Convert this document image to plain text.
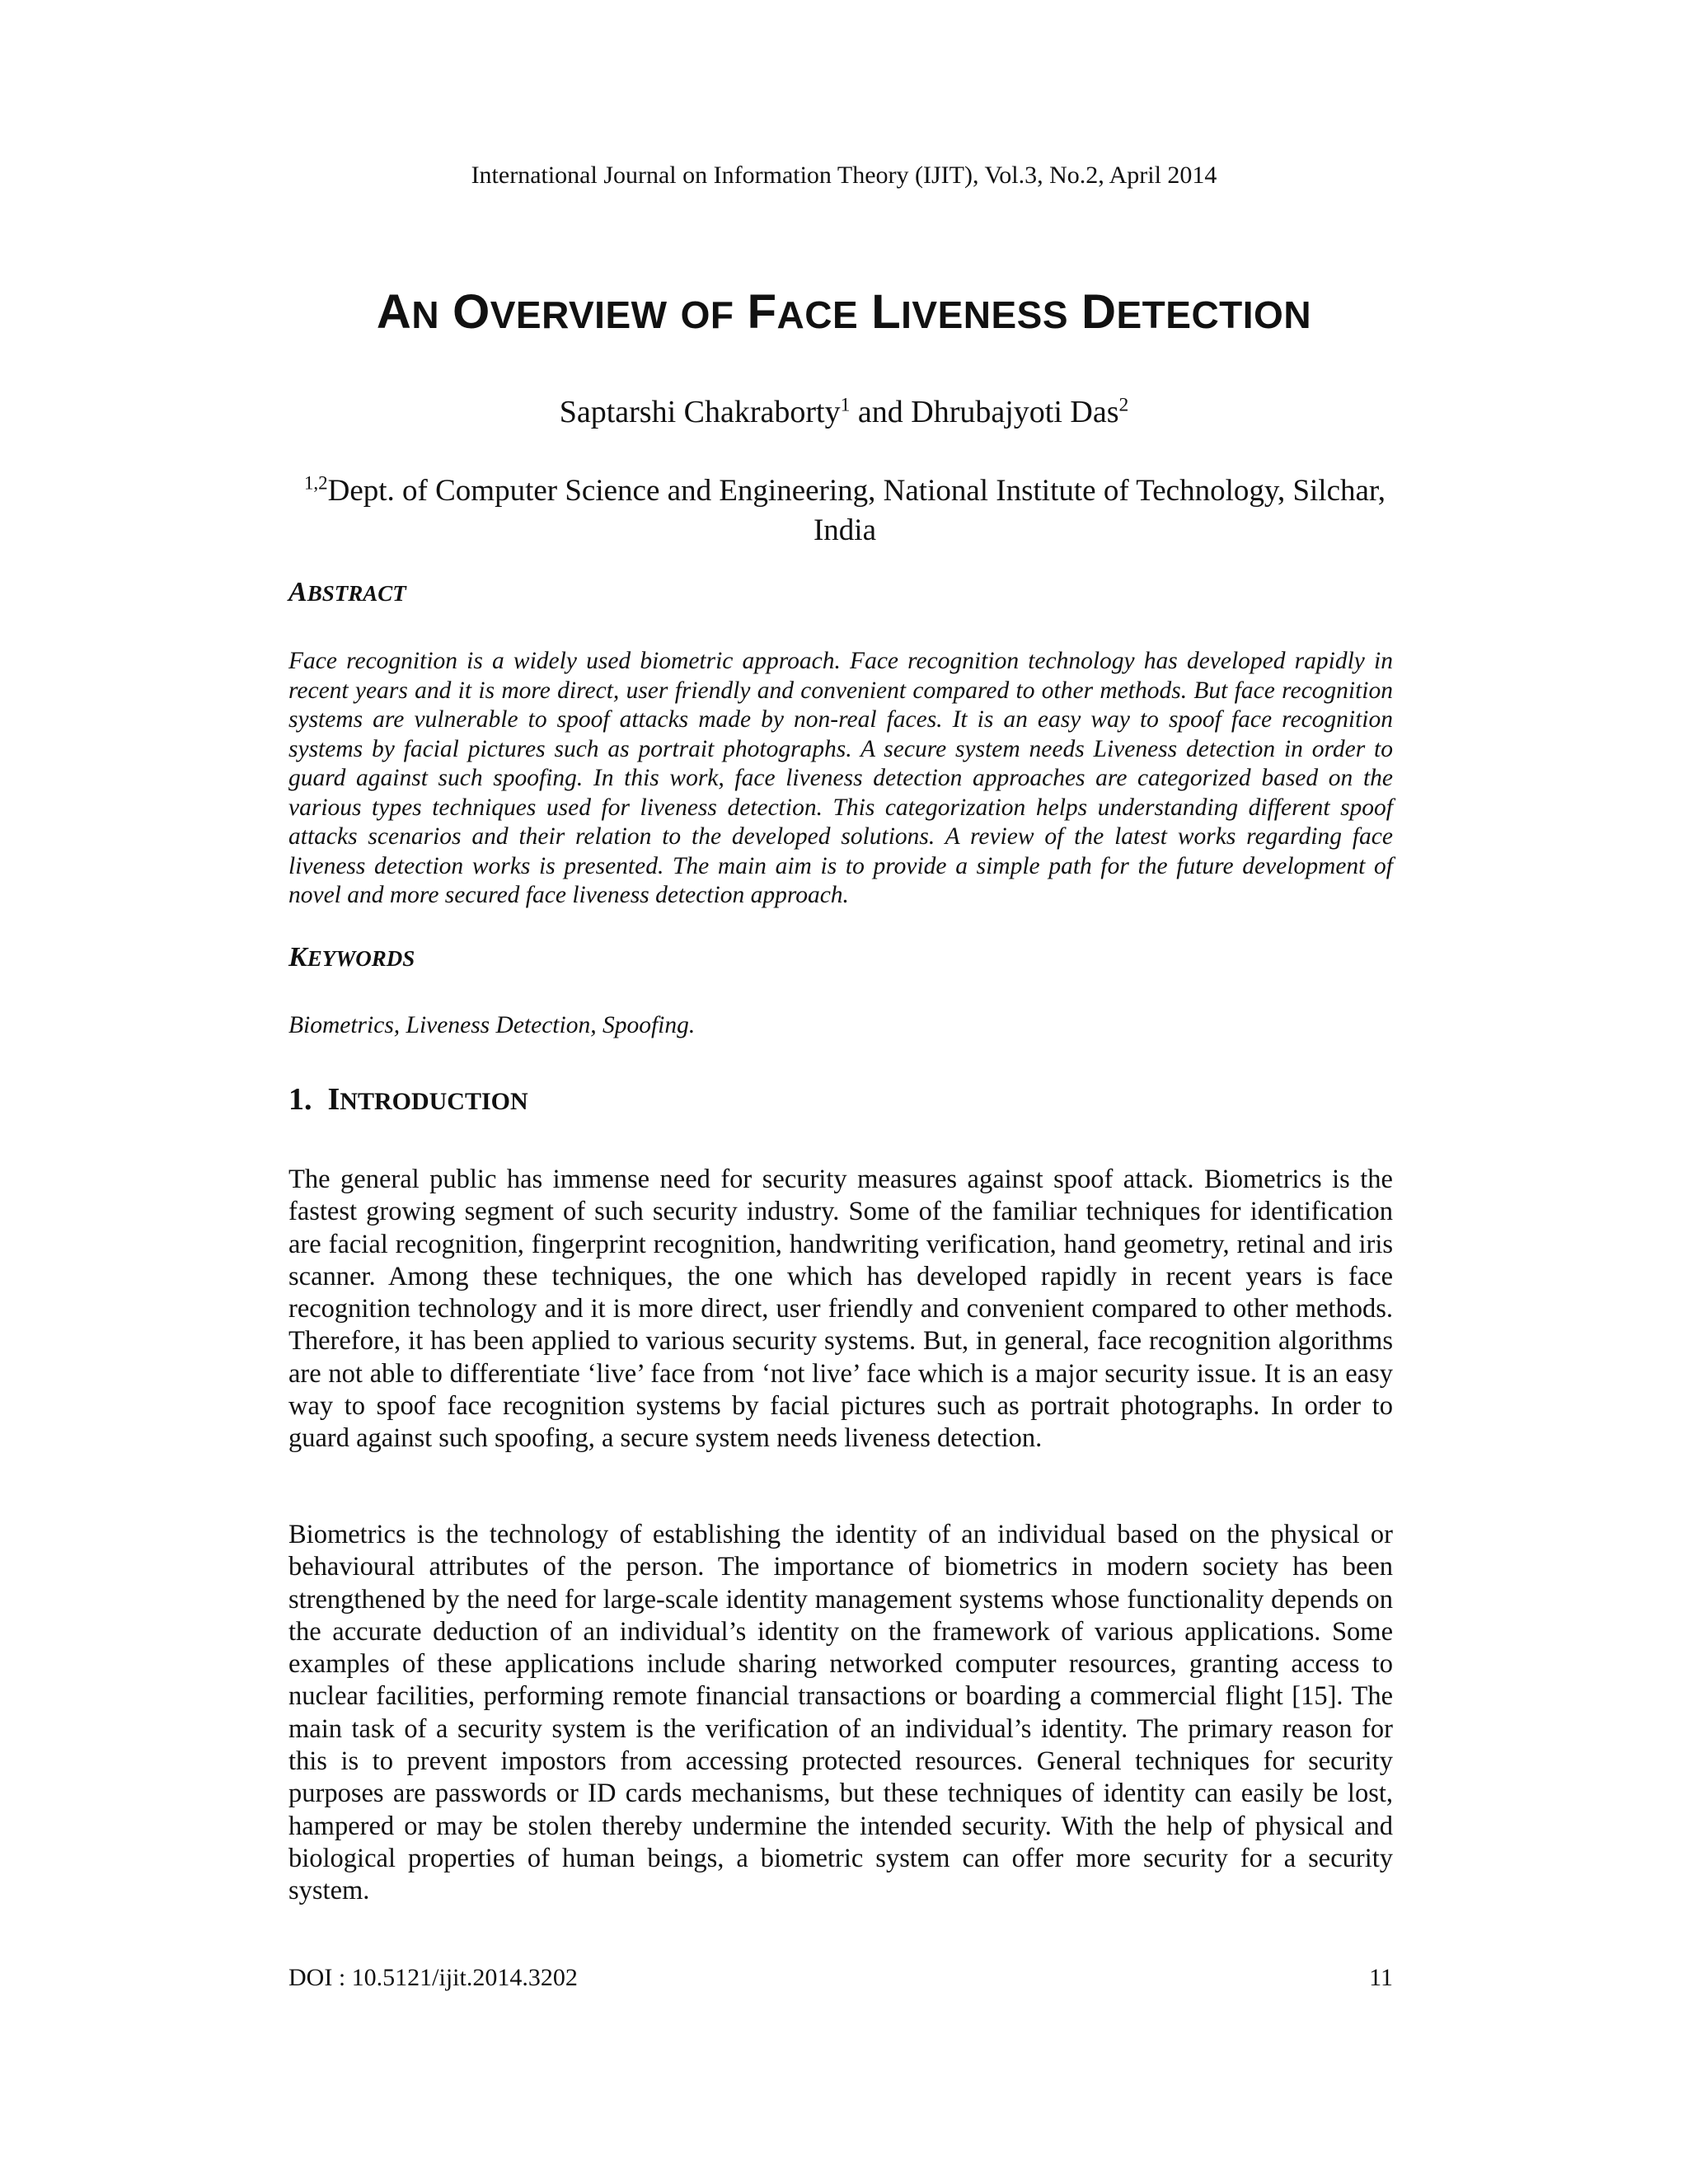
International Journal on Information Theory (IJIT), Vol.3, No.2, April 2014
AN OVERVIEW OF FACE LIVENESS DETECTION
Saptarshi Chakraborty$^1$ and Dhrubajyoti Das$^2$
$^{1,2}$Dept. of Computer Science and Engineering, National Institute of Technology, Silchar, India
ABSTRACT
Face recognition is a widely used biometric approach. Face recognition technology has developed rapidly in recent years and it is more direct, user friendly and convenient compared to other methods. But face recognition systems are vulnerable to spoof attacks made by non-real faces. It is an easy way to spoof face recognition systems by facial pictures such as portrait photographs. A secure system needs Liveness detection in order to guard against such spoofing. In this work, face liveness detection approaches are categorized based on the various types techniques used for liveness detection. This categorization helps understanding different spoof attacks scenarios and their relation to the developed solutions. A review of the latest works regarding face liveness detection works is presented. The main aim is to provide a simple path for the future development of novel and more secured face liveness detection approach.
KEYWORDS
Biometrics, Liveness Detection, Spoofing.
1. INTRODUCTION
The general public has immense need for security measures against spoof attack. Biometrics is the fastest growing segment of such security industry. Some of the familiar techniques for identification are facial recognition, fingerprint recognition, handwriting verification, hand geometry, retinal and iris scanner. Among these techniques, the one which has developed rapidly in recent years is face recognition technology and it is more direct, user friendly and convenient compared to other methods. Therefore, it has been applied to various security systems. But, in general, face recognition algorithms are not able to differentiate ‘live’ face from ‘not live’ face which is a major security issue. It is an easy way to spoof face recognition systems by facial pictures such as portrait photographs. In order to guard against such spoofing, a secure system needs liveness detection.
Biometrics is the technology of establishing the identity of an individual based on the physical or behavioural attributes of the person. The importance of biometrics in modern society has been strengthened by the need for large-scale identity management systems whose functionality depends on the accurate deduction of an individual’s identity on the framework of various applications. Some examples of these applications include sharing networked computer resources, granting access to nuclear facilities, performing remote financial transactions or boarding a commercial flight [15]. The main task of a security system is the verification of an individual’s identity. The primary reason for this is to prevent impostors from accessing protected resources. General techniques for security purposes are passwords or ID cards mechanisms, but these techniques of identity can easily be lost, hampered or may be stolen thereby undermine the intended security. With the help of physical and biological properties of human beings, a biometric system can offer more security for a security system.
DOI : 10.5121/ijit.2014.3202	11
